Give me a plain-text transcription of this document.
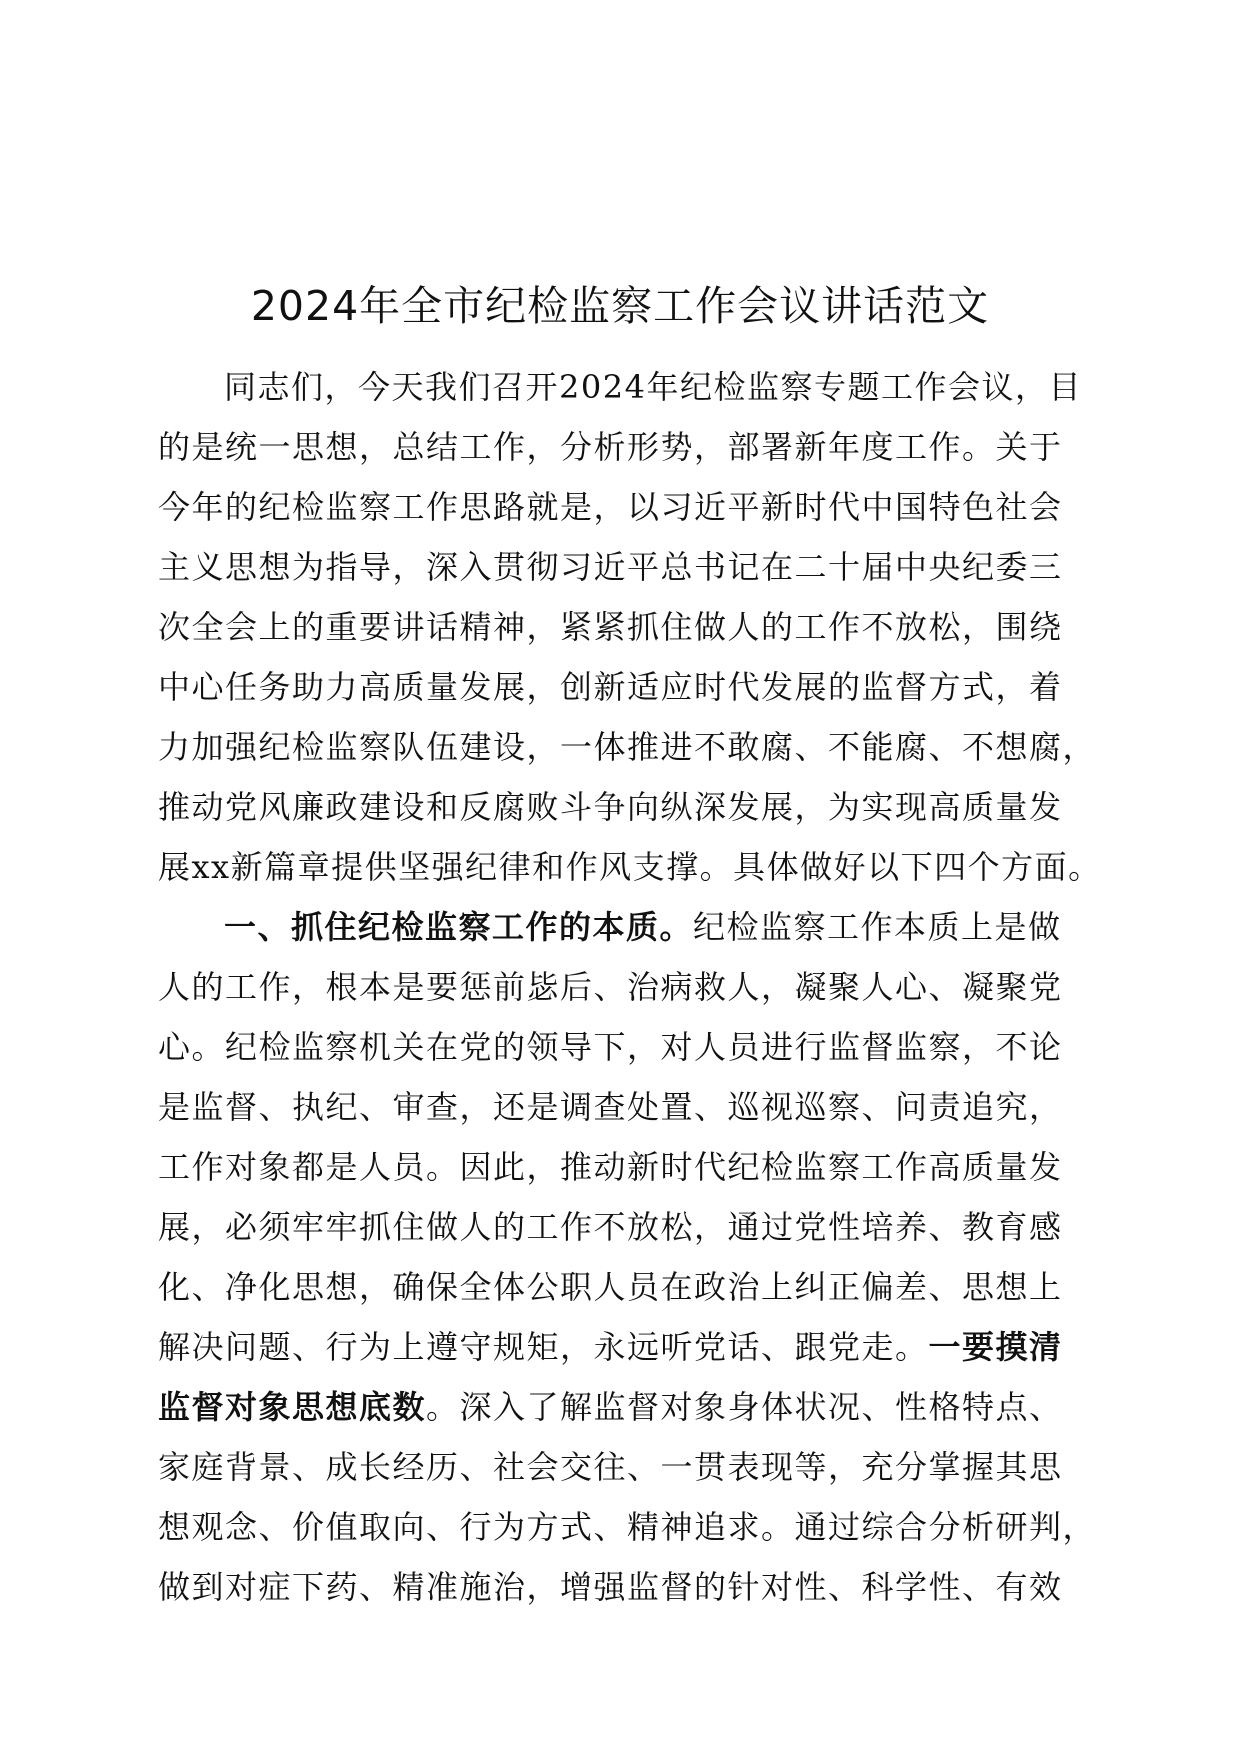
2024年全市纪检监察工作会议讲话范文
同志们，今天我们召开2024年纪检监察专题工作会议，目
的是统一思想，总结工作，分析形势，部署新年度工作。关于
今年的纪检监察工作思路就是，以习近平新时代中国特色社会
主义思想为指导，深入贯彻习近平总书记在二十届中央纪委三
次全会上的重要讲话精神，紧紧抓住做人的工作不放松，围绕
中心任务助力高质量发展，创新适应时代发展的监督方式，着
力加强纪检监察队伍建设，一体推进不敢腐、不能腐、不想腐，
推动党风廉政建设和反腐败斗争向纵深发展，为实现高质量发
展xx新篇章提供坚强纪律和作风支撑。具体做好以下四个方面。
一、抓住纪检监察工作的本质。纪检监察工作本质上是做
人的工作，根本是要惩前毖后、治病救人，凝聚人心、凝聚党
心。纪检监察机关在党的领导下，对人员进行监督监察，不论
是监督、执纪、审查，还是调查处置、巡视巡察、问责追究，
工作对象都是人员。因此，推动新时代纪检监察工作高质量发
展，必须牢牢抓住做人的工作不放松，通过党性培养、教育感
化、净化思想，确保全体公职人员在政治上纠正偏差、思想上
解决问题、行为上遵守规矩，永远听党话、跟党走。一要摸清
监督对象思想底数。深入了解监督对象身体状况、性格特点、
家庭背景、成长经历、社会交往、一贯表现等，充分掌握其思
想观念、价值取向、行为方式、精神追求。通过综合分析研判，
做到对症下药、精准施治，增强监督的针对性、科学性、有效
